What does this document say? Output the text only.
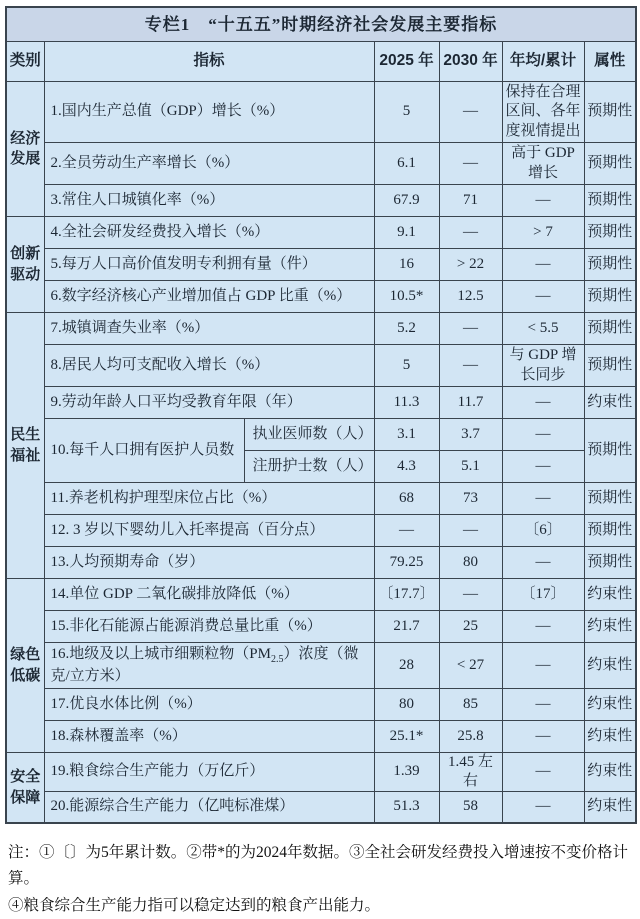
专栏1　“十五五”时期经济社会发展主要指标						
类别	指标		2025 年	2030 年	年均/累计	属性
经济发展	1.国内生产总值（GDP）增长（%）		5	—	保持在合理区间、各年度视情提出	预期性
	2.全员劳动生产率增长（%）		6.1	—	高于 GDP 增长	预期性
	3.常住人口城镇化率（%）		67.9	71	—	预期性
创新驱动	4.全社会研发经费投入增长（%）		9.1	—	> 7	预期性
	5.每万人口高价值发明专利拥有量（件）		16	> 22	—	预期性
	6.数字经济核心产业增加值占 GDP 比重（%）		10.5*	12.5	—	预期性
民生福祉	7.城镇调查失业率（%）		5.2	—	< 5.5	预期性
	8.居民人均可支配收入增长（%）		5	—	与 GDP 增长同步	预期性
	9.劳动年龄人口平均受教育年限（年）		11.3	11.7	—	约束性
	10.每千人口拥有医护人员数	执业医师数（人）	3.1	3.7	—	预期性
		注册护士数（人）	4.3	5.1	—	
	11.养老机构护理型床位占比（%）		68	73	—	预期性
	12. 3 岁以下婴幼儿入托率提高（百分点）		—	—	〔6〕	预期性
	13.人均预期寿命（岁）		79.25	80	—	预期性
绿色低碳	14.单位 GDP 二氧化碳排放降低（%）		〔17.7〕	—	〔17〕	约束性
	15.非化石能源占能源消费总量比重（%）		21.7	25	—	约束性
	16.地级及以上城市细颗粒物$(PM_{2.5})$浓度（微克/立方米）		28	< 27	—	约束性
	17.优良水体比例（%）		80	85	—	约束性
	18.森林覆盖率（%）		25.1*	25.8	—	约束性
安全保障	19.粮食综合生产能力（万亿斤）		1.39	1.45 左右	—	约束性
	20.能源综合生产能力（亿吨标准煤）		51.3	58	—	约束性
注：①〔〕为5年累计数。②带*的为2024年数据。③全社会研发经费投入增速按不变价格计算。
④粮食综合生产能力指可以稳定达到的粮食产出能力。
